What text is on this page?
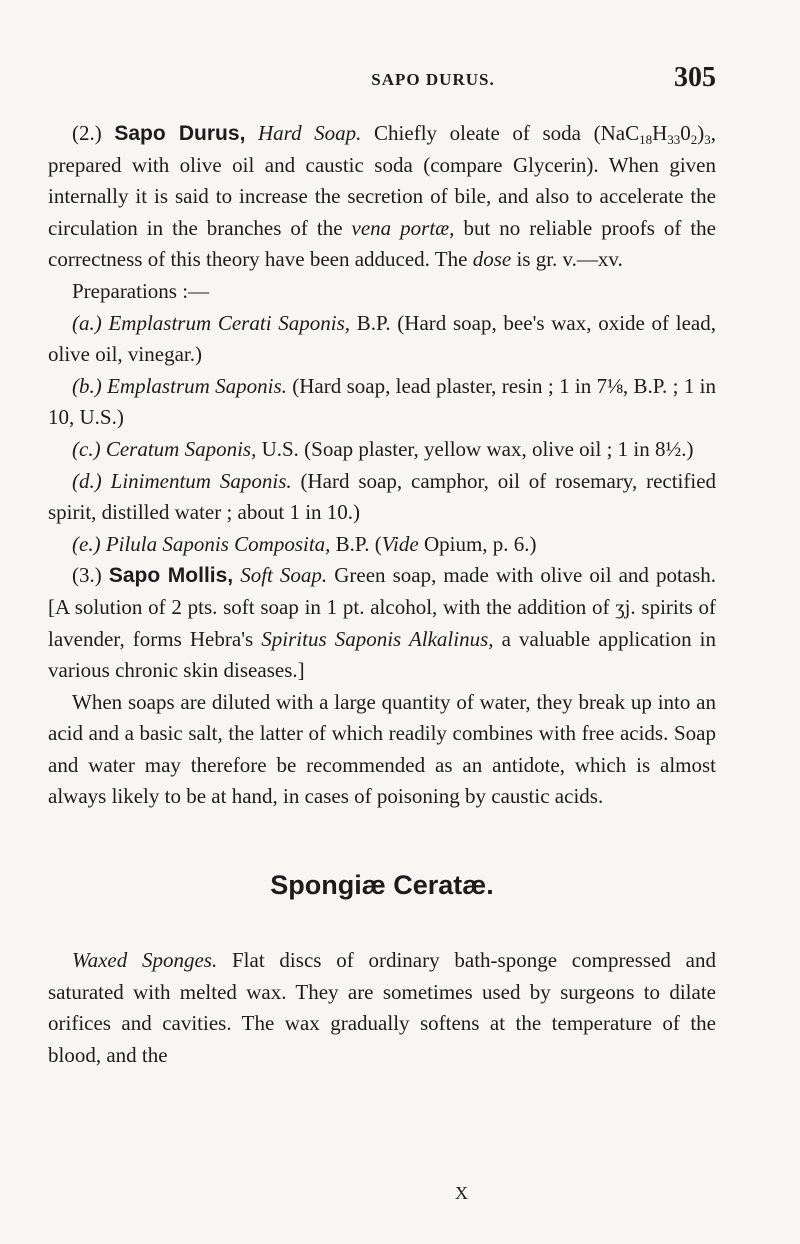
SAPO DURUS.	305

(2.) Sapo Durus, Hard Soap. Chiefly oleate of soda $(NaC_{18}H_{33}0_2)_3$, prepared with olive oil and caustic soda (compare Glycerin). When given internally it is said to increase the secretion of bile, and also to accelerate the circulation in the branches of the vena portæ, but no reliable proofs of the correctness of this theory have been adduced. The dose is gr. v.—xv.

Preparations :—

(a.) Emplastrum Cerati Saponis, B.P. (Hard soap, bee's wax, oxide of lead, olive oil, vinegar.)

(b.) Emplastrum Saponis. (Hard soap, lead plaster, resin ; 1 in 7⅛, B.P. ; 1 in 10, U.S.)

(c.) Ceratum Saponis, U.S. (Soap plaster, yellow wax, olive oil ; 1 in 8½.)

(d.) Linimentum Saponis. (Hard soap, camphor, oil of rosemary, rectified spirit, distilled water ; about 1 in 10.)

(e.) Pilula Saponis Composita, B.P. (Vide Opium, p. 6.)

(3.) Sapo Mollis, Soft Soap. Green soap, made with olive oil and potash. [A solution of 2 pts. soft soap in 1 pt. alcohol, with the addition of ʒj. spirits of lavender, forms Hebra's Spiritus Saponis Alkalinus, a valuable application in various chronic skin diseases.]

When soaps are diluted with a large quantity of water, they break up into an acid and a basic salt, the latter of which readily combines with free acids. Soap and water may therefore be recommended as an antidote, which is almost always likely to be at hand, in cases of poisoning by caustic acids.

Spongiæ Ceratæ.

Waxed Sponges. Flat discs of ordinary bath-sponge compressed and saturated with melted wax. They are sometimes used by surgeons to dilate orifices and cavities. The wax gradually softens at the temperature of the blood, and the

X
